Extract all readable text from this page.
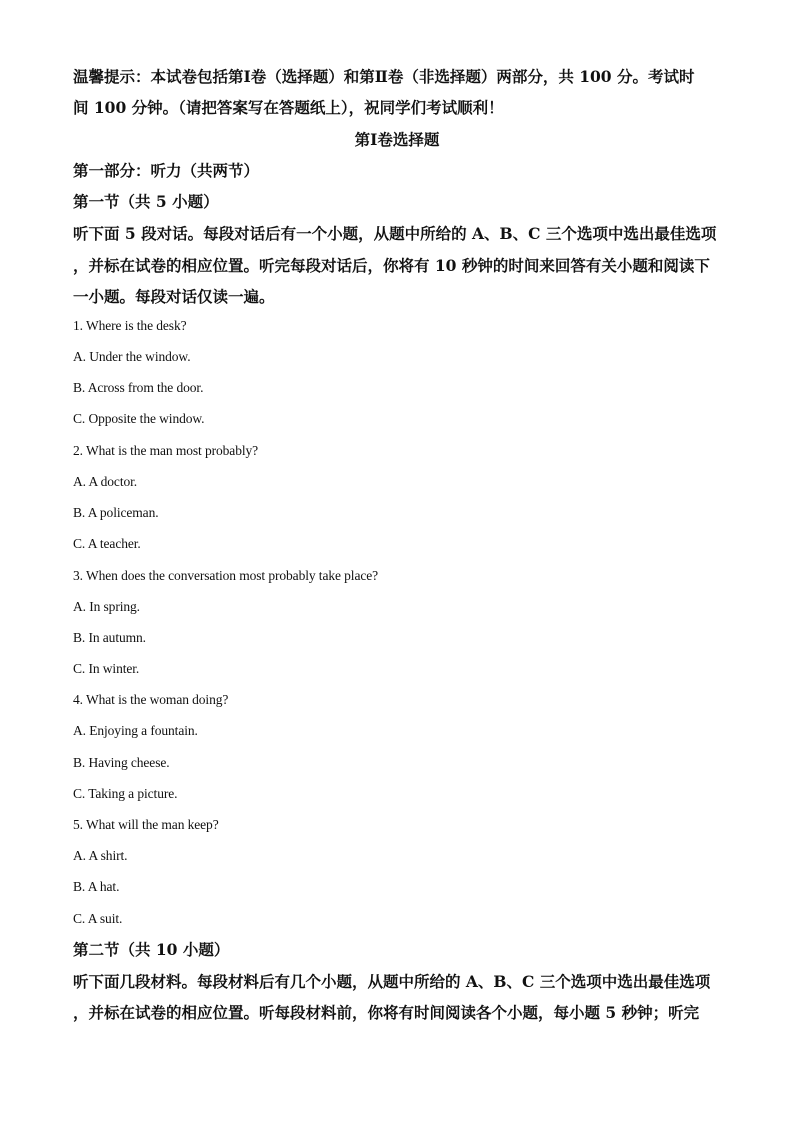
温馨提示：本试卷包括第Ⅰ卷（选择题）和第Ⅱ卷（非选择题）两部分，共 100 分。考试时
间 100 分钟。（请把答案写在答题纸上），祝同学们考试顺利！
第Ⅰ卷选择题
第一部分：听力（共两节）
第一节（共 5 小题）
听下面 5 段对话。每段对话后有一个小题，从题中所给的 A、B、C 三个选项中选出最佳选项
，并标在试卷的相应位置。听完每段对话后，你将有 10 秒钟的时间来回答有关小题和阅读下
一小题。每段对话仅读一遍。
1. Where is the desk?
A. Under the window.
B. Across from the door.
C. Opposite the window.
2. What is the man most probably?
A. A doctor.
B. A policeman.
C. A teacher.
3. When does the conversation most probably take place?
A. In spring.
B. In autumn.
C. In winter.
4. What is the woman doing?
A. Enjoying a fountain.
B. Having cheese.
C. Taking a picture.
5. What will the man keep?
A. A shirt.
B. A hat.
C. A suit.
第二节（共 10 小题）
听下面几段材料。每段材料后有几个小题，从题中所给的 A、B、C 三个选项中选出最佳选项
，并标在试卷的相应位置。听每段材料前，你将有时间阅读各个小题，每小题 5 秒钟；听完
